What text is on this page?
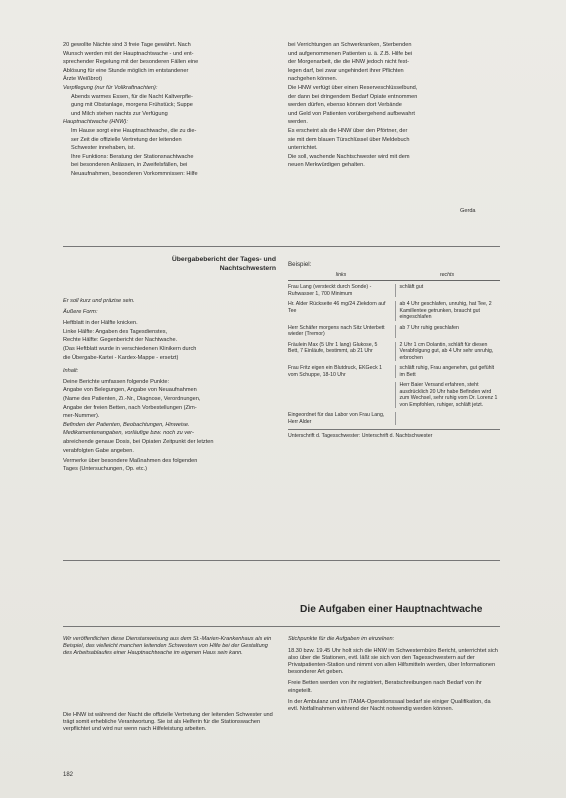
20 gewollte Nächte sind 3 freie Tage gewährt. Nach

Wunsch werden mit der Hauptnachtwache - und ent-

sprechender Regelung mit der besonderen Fällen eine

Ablösung für eine Stunde möglich im entstandener

Ärzte Weißbrot)

Verpflegung (nur für Vollkraftnachten):

Abends warmes Essen, für die Nacht Kaltverpfle-

gung mit Obstanlage, morgens Frühstück; Suppe

und Milch stehen nachts zur Verfügung

Hauptnachtwache (HNW):

Im Hause sorgt eine Hauptnachtwache, die zu die-

ser Zeit die offizielle Vertretung der leitenden

Schwester innehaben, ist.

Ihre Funktions: Beratung der Stationsnachtwache

bei besonderen Anlässen, in Zweifelsfällen, bei

Neuaufnahmen, besonderen Vorkommnissen: Hilfe

bei Verrichtungen an Schwerkranken, Sterbenden

und aufgenommenen Patienten u. ä. Z.B. Hilfe bei

der Morgenarbeit, die die HNW jedoch nicht fest-

legen darf, bei zwar ungehindert ihrer Pflichten

nachgehen können.

Die HNW verfügt über einen Reserveschlüsselbund,

der dann bei dringendem Bedarf Opiate entnommen

werden dürfen, ebenso können dort Verbände

und Geld von Patienten vorübergehend aufbewahrt

werden.

Es erscheint als die HNW über den Pförtner, der

sie mit dem blauen Türschlüssel über Meldebuch

unterrichtet.

Die soll, wachende Nachtschwester wird mit dem

neuen Merkwürdigen gehalten.

Gerda
Übergabebericht der Tages- und Nachtschwestern

Er soll kurz und präzise sein.

Äußere Form:

Heftblatt in der Hälfte knicken.

Linke Hälfte: Angaben des Tagesdienstes,

Rechte Hälfte: Gegenbericht der Nachtwache.

(Das Heftblatt wurde in verschiedenen Klinikern durch

die Übergabe-Kartei - Kardex-Mappe - ersetzt)

Inhalt:

Deine Berichte umfassen folgende Punkte:

Angabe von Belegungen, Angabe von Neuaufnahmen

(Name des Patienten, Zi.-Nr., Diagnose, Verordnungen,

Angabe der freien Betten, nach Vorbestellungen (Zim-

mer-Nummer).

Befinden der Patienten, Beobachtungen, Hinweise.

Medikamentenangaben, vorläufige bzw. noch zu ver-

abreichende genaue Dosis, bei Opiaten Zeitpunkt der letzten

verabfolgten Gabe angeben.

Vermerke über besondere Maßnahmen des folgenden

Tages (Untersuchungen, Op. etc.)

Beispiel:
links	rechts
Frau Lang (versteckt durch Sonde) - Ruhwasser 1, 700 Minimum
schläft gut
Hr. Alder Rückseite 46 mg/24 Ziekdorn auf Tee
ab 4 Uhr geschlafen, unruhig, hat Tee, 2 Kamillentee getrunken, braucht gut eingeschlafen
Herr Schäfer morgens nach Sitz Unterbett wieder (Tremor)
ab 7 Uhr ruhig geschlafen
Fräulein Max (5 Uhr 1 lang) Glukose, 5 Bett, 7 Einläufe, bestimmt, ab 21 Uhr
2 Uhr 1 cm Dolantin, schläft für diesen Verabfolgung gut, ab 4 Uhr sehr unruhig, erbrochen
Frau Fritz eigen ein Blutdruck, EKGeck 1 vom Schuppe, 18-10 Uhr
schläft ruhig, Frau angenehm, gut gefühlt im Bett
Herr Baier Versand erfahren, steht ausdrücklich 20 Uhr habe Befinden wird zum Wechsel, sehr ruhig vom Dr. Lorenz 1 von Empfohlen, ruhiger, schläft jetzt.
Eingeordnet für das Labor von Frau Lang, Herr Alder
Unterschrift d. Tagesschwester: Unterschrift d. Nachtschwester
Die Aufgaben einer Hauptnachtwache
Wir veröffentlichen diese Dienstanweisung aus dem St.-Marien-Krankenhaus als ein Beispiel, das vielleicht manchen leitenden Schwestern von Hilfe bei der Gestaltung des Arbeitsablaufes einer Hauptnachtwache im eigenen Haus sein kann.
Die HNW ist während der Nacht die offizielle Vertretung der leitenden Schwester und trägt somit erhebliche Verantwortung. Sie ist als Helferin für die Stationswachen verpflichtet und wird nur wenn nach Hilfeleistung arbeiten.

Stichpunkte für die Aufgaben im einzelnen:

18.30 bzw. 19.45 Uhr holt sich die HNW im Schwesternbüro Bericht, unterrichtet sich also über die Stationen, evtl. läßt sie sich von den Tagesschwestern auf der Privatpatienten-Station und nimmt von allen Hilfsmitteln werden, über Informationen besonderer Art geben.

Freie Betten werden von ihr registriert, Beratschreibungen nach Bedarf von ihr eingeteilt.

In der Ambulanz und im ITAMA-Operationssaal bedarf sie einiger Qualifikation, da evtl. Notfallnahmen während der Nacht notwendig werden können.

182
